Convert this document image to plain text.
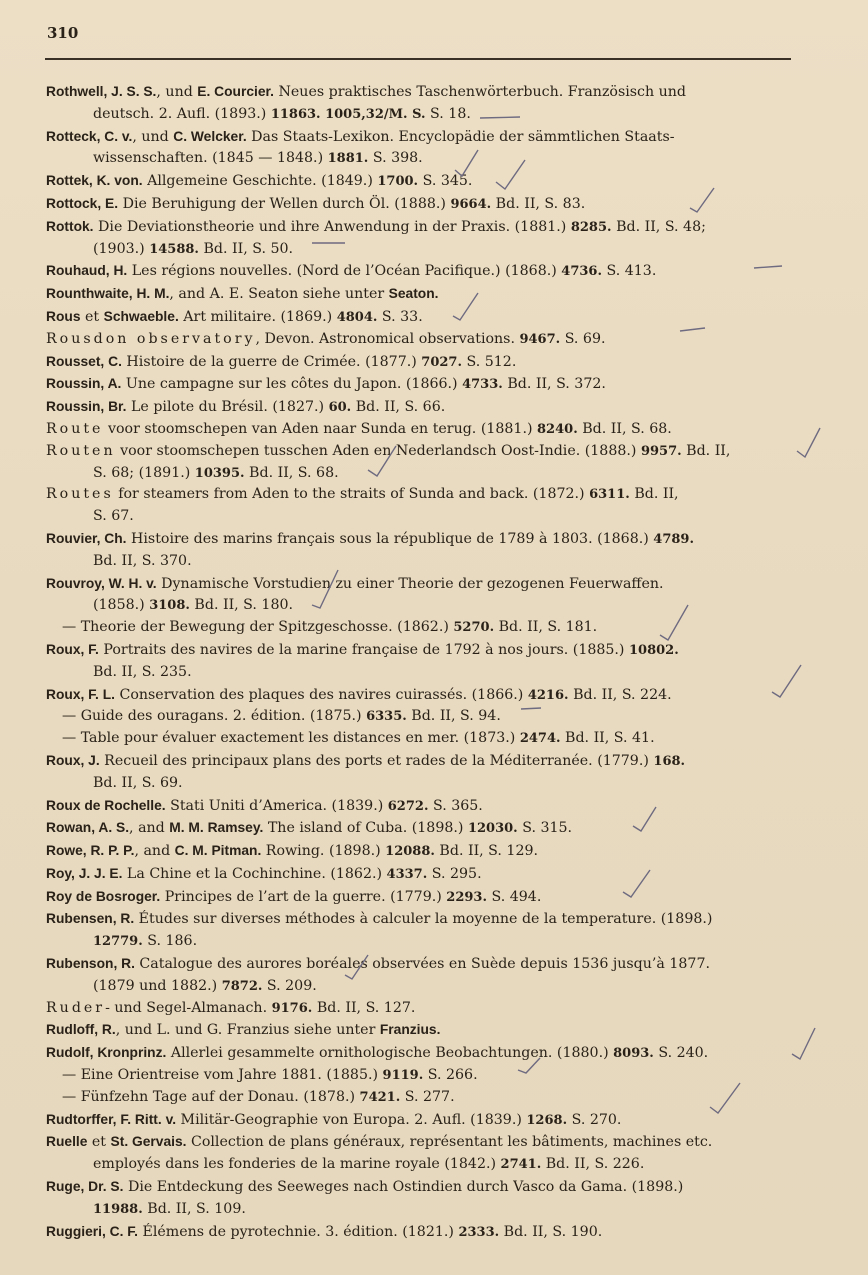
310
Rothwell, J. S. S., und E. Courcier. Neues praktisches Taschenwörterbuch. Französisch und
deutsch. 2. Aufl. (1893.) 11863. 1005,32/M. S. S. 18.
Rotteck, C. v., und C. Welcker. Das Staats-Lexikon. Encyclopädie der sämmtlichen Staats-
wissenschaften. (1845 — 1848.) 1881. S. 398.
Rottek, K. von. Allgemeine Geschichte. (1849.) 1700. S. 345.
Rottock, E. Die Beruhigung der Wellen durch Öl. (1888.) 9664. Bd. II, S. 83.
Rottok. Die Deviationstheorie und ihre Anwendung in der Praxis. (1881.) 8285. Bd. II, S. 48;
(1903.) 14588. Bd. II, S. 50.
Rouhaud, H. Les régions nouvelles. (Nord de l’Océan Pacifique.) (1868.) 4736. S. 413.
Rounthwaite, H. M., and A. E. Seaton siehe unter Seaton.
Rous et Schwaeble. Art militaire. (1869.) 4804. S. 33.
Rousdon observatory, Devon. Astronomical observations. 9467. S. 69.
Rousset, C. Histoire de la guerre de Crimée. (1877.) 7027. S. 512.
Roussin, A. Une campagne sur les côtes du Japon. (1866.) 4733. Bd. II, S. 372.
Roussin, Br. Le pilote du Brésil. (1827.) 60. Bd. II, S. 66.
Route voor stoomschepen van Aden naar Sunda en terug. (1881.) 8240. Bd. II, S. 68.
Routen voor stoomschepen tusschen Aden en Nederlandsch Oost-Indie. (1888.) 9957. Bd. II,
S. 68; (1891.) 10395. Bd. II, S. 68.
Routes for steamers from Aden to the straits of Sunda and back. (1872.) 6311. Bd. II,
S. 67.
Rouvier, Ch. Histoire des marins français sous la république de 1789 à 1803. (1868.) 4789.
Bd. II, S. 370.
Rouvroy, W. H. v. Dynamische Vorstudien zu einer Theorie der gezogenen Feuerwaffen.
(1858.) 3108. Bd. II, S. 180.
— Theorie der Bewegung der Spitzgeschosse. (1862.) 5270. Bd. II, S. 181.
Roux, F. Portraits des navires de la marine française de 1792 à nos jours. (1885.) 10802.
Bd. II, S. 235.
Roux, F. L. Conservation des plaques des navires cuirassés. (1866.) 4216. Bd. II, S. 224.
— Guide des ouragans. 2. édition. (1875.) 6335. Bd. II, S. 94.
— Table pour évaluer exactement les distances en mer. (1873.) 2474. Bd. II, S. 41.
Roux, J. Recueil des principaux plans des ports et rades de la Méditerranée. (1779.) 168.
Bd. II, S. 69.
Roux de Rochelle. Stati Uniti d’America. (1839.) 6272. S. 365.
Rowan, A. S., and M. M. Ramsey. The island of Cuba. (1898.) 12030. S. 315.
Rowe, R. P. P., and C. M. Pitman. Rowing. (1898.) 12088. Bd. II, S. 129.
Roy, J. J. E. La Chine et la Cochinchine. (1862.) 4337. S. 295.
Roy de Bosroger. Principes de l’art de la guerre. (1779.) 2293. S. 494.
Rubensen, R. Études sur diverses méthodes à calculer la moyenne de la temperature. (1898.)
12779. S. 186.
Rubenson, R. Catalogue des aurores boréales observées en Suède depuis 1536 jusqu’à 1877.
(1879 und 1882.) 7872. S. 209.
Ruder- und Segel-Almanach. 9176. Bd. II, S. 127.
Rudloff, R., und L. und G. Franzius siehe unter Franzius.
Rudolf, Kronprinz. Allerlei gesammelte ornithologische Beobachtungen. (1880.) 8093. S. 240.
— Eine Orientreise vom Jahre 1881. (1885.) 9119. S. 266.
— Fünfzehn Tage auf der Donau. (1878.) 7421. S. 277.
Rudtorffer, F. Ritt. v. Militär-Geographie von Europa. 2. Aufl. (1839.) 1268. S. 270.
Ruelle et St. Gervais. Collection de plans généraux, représentant les bâtiments, machines etc.
employés dans les fonderies de la marine royale (1842.) 2741. Bd. II, S. 226.
Ruge, Dr. S. Die Entdeckung des Seeweges nach Ostindien durch Vasco da Gama. (1898.)
11988. Bd. II, S. 109.
Ruggieri, C. F. Élémens de pyrotechnie. 3. édition. (1821.) 2333. Bd. II, S. 190.
